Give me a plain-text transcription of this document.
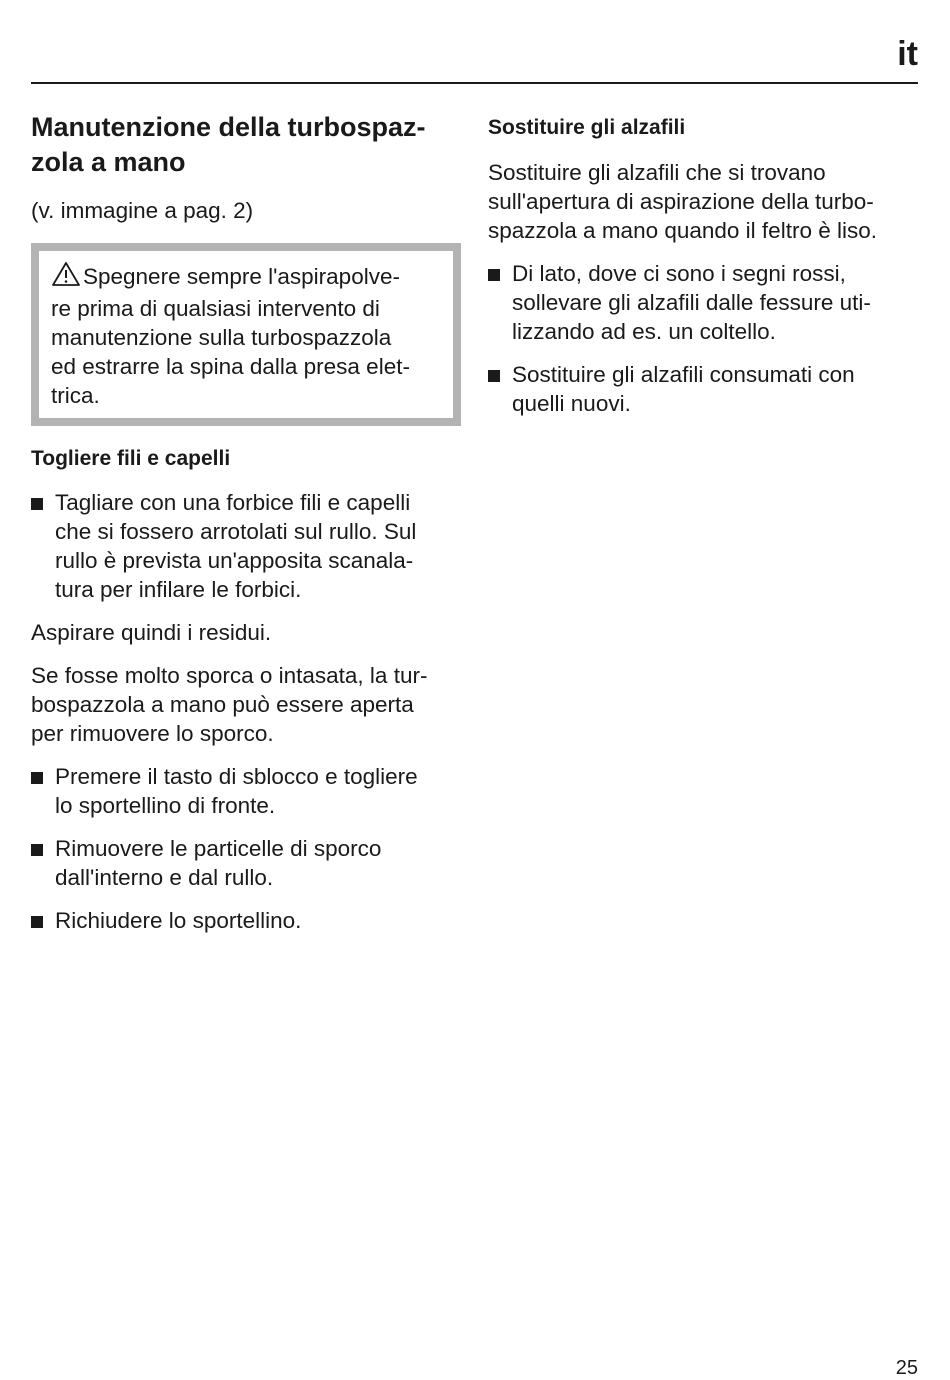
it
Manutenzione della turbospaz-
zola a mano

(v. immagine a pag. 2)

Spegnere sempre l'aspirapolve-
re prima di qualsiasi intervento di
manutenzione sulla turbospazzola
ed estrarre la spina dalla presa elet-
trica.

Togliere fili e capelli

Tagliare con una forbice fili e capelli
che si fossero arrotolati sul rullo. Sul
rullo è prevista un'apposita scanala-
tura per infilare le forbici.

Aspirare quindi i residui.

Se fosse molto sporca o intasata, la tur-
bospazzola a mano può essere aperta
per rimuovere lo sporco.

Premere il tasto di sblocco e togliere
lo sportellino di fronte.

Rimuovere le particelle di sporco
dall'interno e dal rullo.

Richiudere lo sportellino.

Sostituire gli alzafili

Sostituire gli alzafili che si trovano
sull'apertura di aspirazione della turbo-
spazzola a mano quando il feltro è liso.

Di lato, dove ci sono i segni rossi,
sollevare gli alzafili dalle fessure uti-
lizzando ad es. un coltello.

Sostituire gli alzafili consumati con
quelli nuovi.

25
